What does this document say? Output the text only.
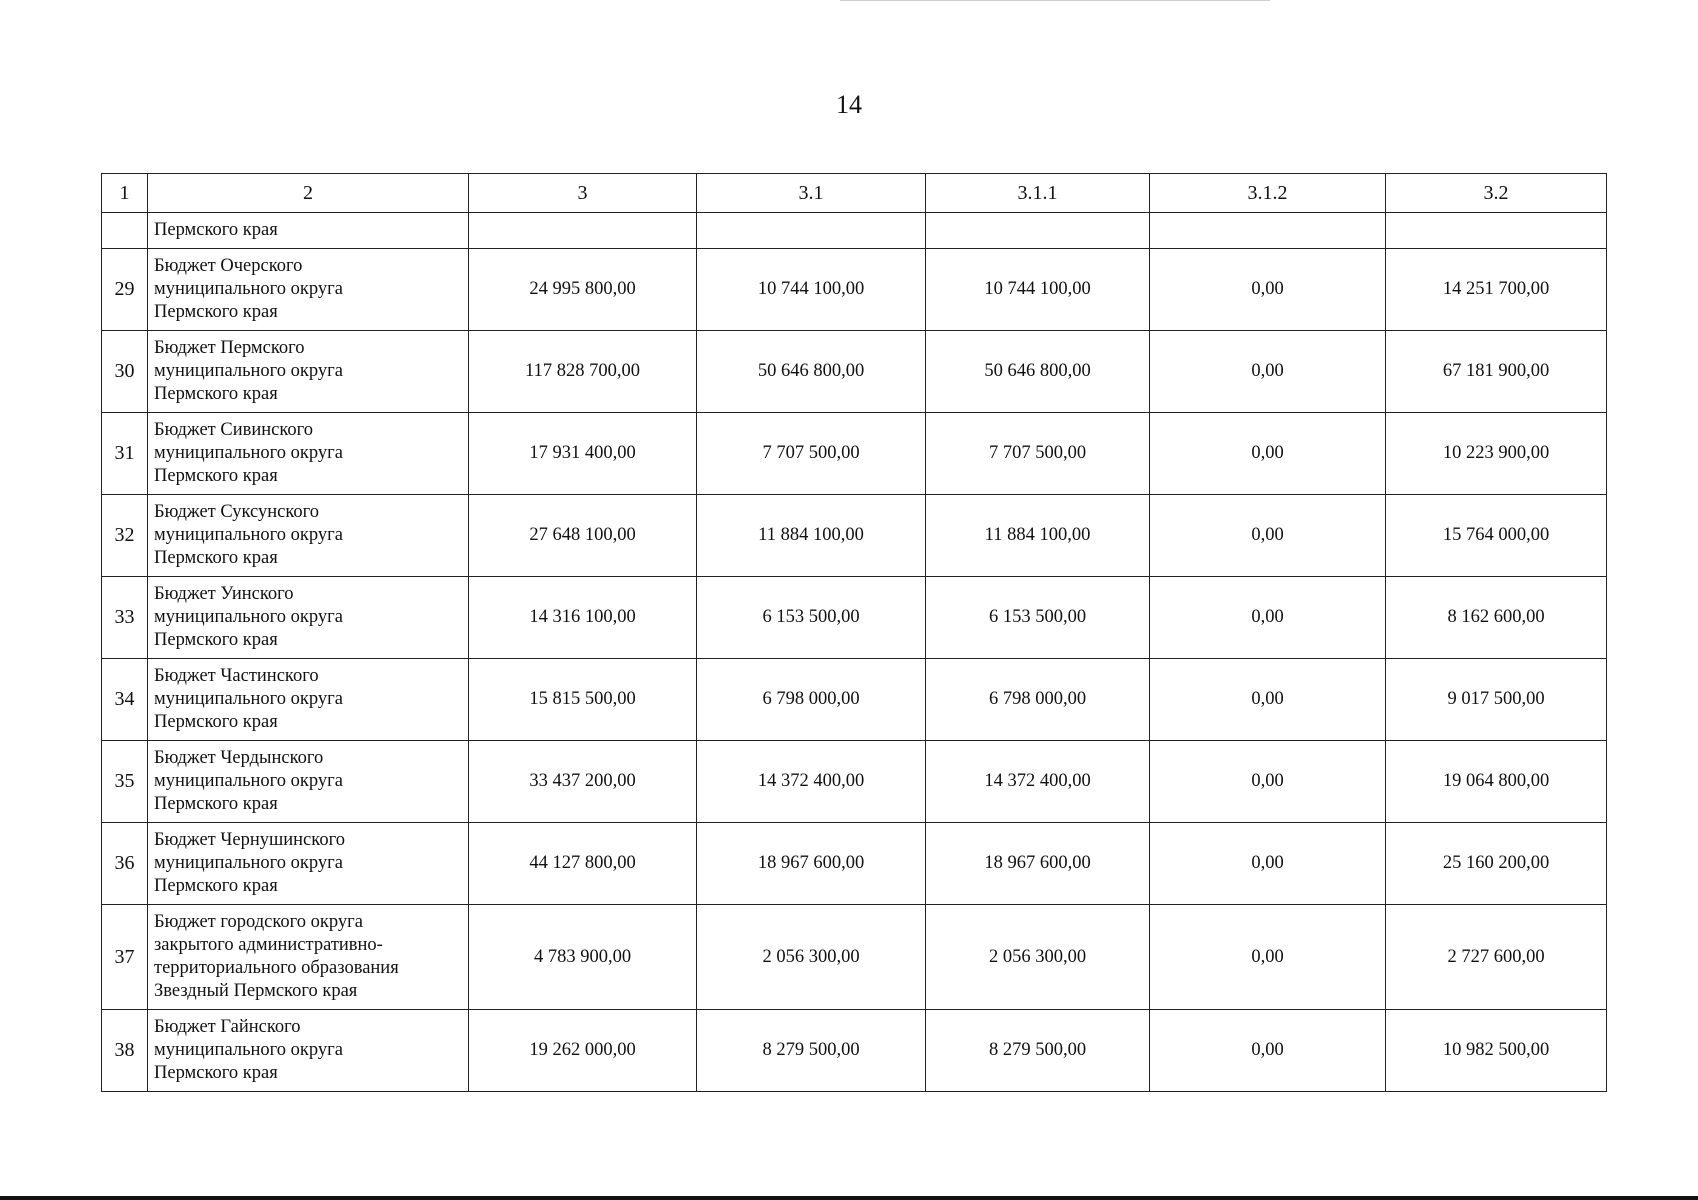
14
1	2	3	3.1	3.1.1	3.1.2	3.2
	Пермского края					
29	Бюджет Очерского
муниципального округа
Пермского края	24 995 800,00	10 744 100,00	10 744 100,00	0,00	14 251 700,00
30	Бюджет Пермского
муниципального округа
Пермского края	117 828 700,00	50 646 800,00	50 646 800,00	0,00	67 181 900,00
31	Бюджет Сивинского
муниципального округа
Пермского края	17 931 400,00	7 707 500,00	7 707 500,00	0,00	10 223 900,00
32	Бюджет Суксунского
муниципального округа
Пермского края	27 648 100,00	11 884 100,00	11 884 100,00	0,00	15 764 000,00
33	Бюджет Уинского
муниципального округа
Пермского края	14 316 100,00	6 153 500,00	6 153 500,00	0,00	8 162 600,00
34	Бюджет Частинского
муниципального округа
Пермского края	15 815 500,00	6 798 000,00	6 798 000,00	0,00	9 017 500,00
35	Бюджет Чердынского
муниципального округа
Пермского края	33 437 200,00	14 372 400,00	14 372 400,00	0,00	19 064 800,00
36	Бюджет Чернушинского
муниципального округа
Пермского края	44 127 800,00	18 967 600,00	18 967 600,00	0,00	25 160 200,00
37	Бюджет городского округа
закрытого административно-
территориального образования
Звездный Пермского края	4 783 900,00	2 056 300,00	2 056 300,00	0,00	2 727 600,00
38	Бюджет Гайнского
муниципального округа
Пермского края	19 262 000,00	8 279 500,00	8 279 500,00	0,00	10 982 500,00
